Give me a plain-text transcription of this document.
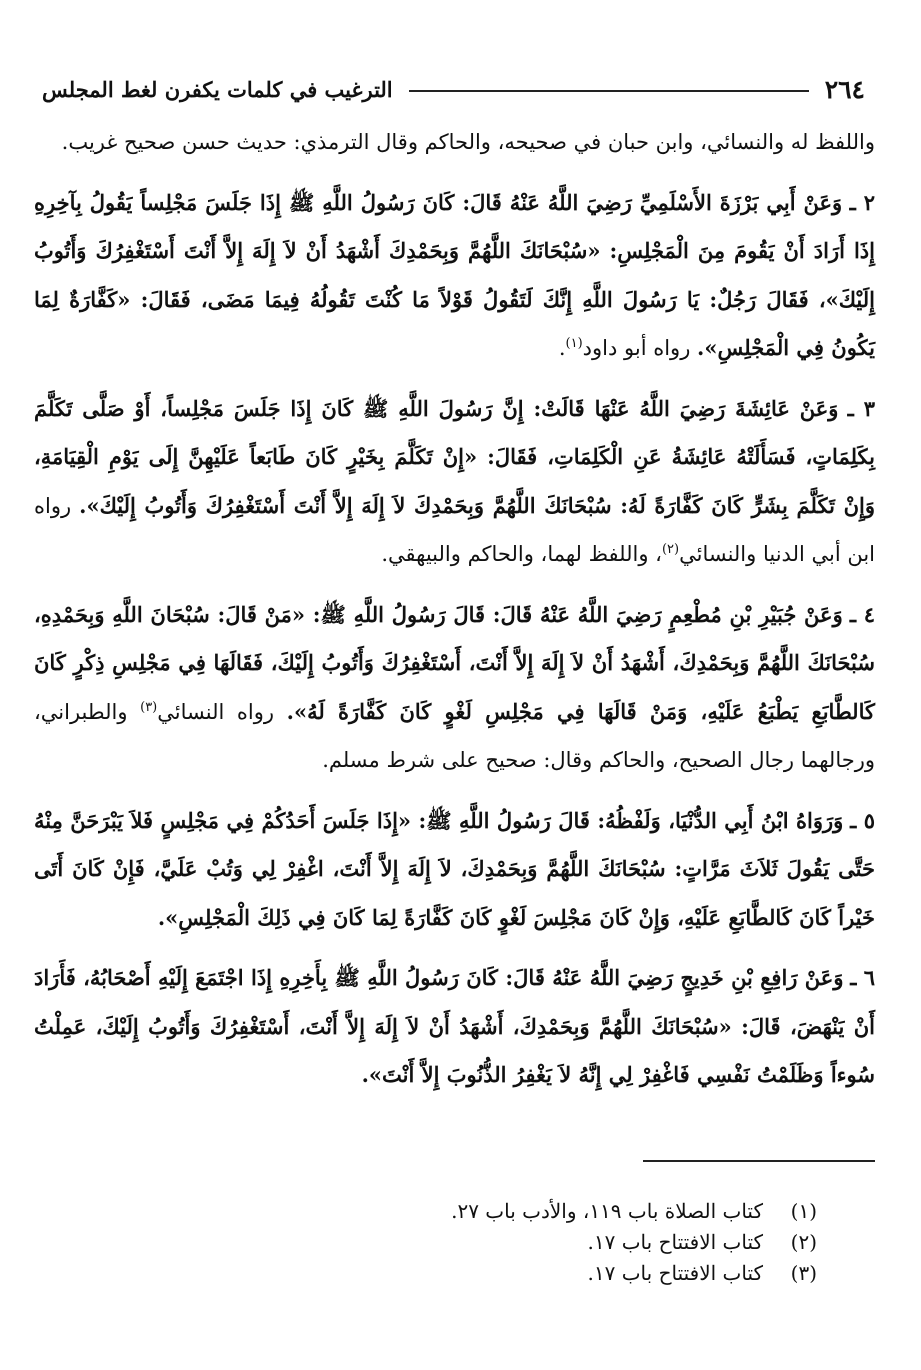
٢٦٤
الترغيب في كلمات يكفرن لغط المجلس

واللفظ له والنسائي، وابن حبان في صحيحه، والحاكم وقال الترمذي: حديث حسن صحيح غريب.

٢ ـ وَعَنْ أَبِي بَرْزَةَ الأَسْلَمِيِّ رَضِيَ اللَّهُ عَنْهُ قَالَ: كَانَ رَسُولُ اللَّهِ ﷺ إِذَا جَلَسَ مَجْلِساً يَقُولُ بِآخِرِهِ إِذَا أَرَادَ أَنْ يَقُومَ مِنَ الْمَجْلِسِ: «سُبْحَانَكَ اللَّهُمَّ وَبِحَمْدِكَ أَشْهَدُ أَنْ لاَ إِلَهَ إِلاَّ أَنْتَ أَسْتَغْفِرُكَ وَأَتُوبُ إِلَيْكَ»، فَقَالَ رَجُلٌ: يَا رَسُولَ اللَّهِ إِنَّكَ لَتَقُولُ قَوْلاً مَا كُنْتَ تَقُولُهُ فِيمَا مَضَى، فَقَالَ: «كَفَّارَةٌ لِمَا يَكُونُ فِي الْمَجْلِسِ». رواه أبو داود$^{(١)}$.

٣ ـ وَعَنْ عَائِشَةَ رَضِيَ اللَّهُ عَنْهَا قَالَتْ: إِنَّ رَسُولَ اللَّهِ ﷺ كَانَ إِذَا جَلَسَ مَجْلِساً، أَوْ صَلَّى تَكَلَّمَ بِكَلِمَاتٍ، فَسَأَلَتْهُ عَائِشَةُ عَنِ الْكَلِمَاتِ، فَقَالَ: «إِنْ تَكَلَّمَ بِخَيْرٍ كَانَ طَابَعاً عَلَيْهِنَّ إِلَى يَوْمِ الْقِيَامَةِ، وَإِنْ تَكَلَّمَ بِشَرٍّ كَانَ كَفَّارَةً لَهُ: سُبْحَانَكَ اللَّهُمَّ وَبِحَمْدِكَ لاَ إِلَهَ إِلاَّ أَنْتَ أَسْتَغْفِرُكَ وَأَتُوبُ إِلَيْكَ». رواه ابن أبي الدنيا والنسائي$^{(٢)}$، واللفظ لهما، والحاكم والبيهقي.

٤ ـ وَعَنْ جُبَيْرِ بْنِ مُطْعِمٍ رَضِيَ اللَّهُ عَنْهُ قَالَ: قَالَ رَسُولُ اللَّهِ ﷺ: «مَنْ قَالَ: سُبْحَانَ اللَّهِ وَبِحَمْدِهِ، سُبْحَانَكَ اللَّهُمَّ وَبِحَمْدِكَ، أَشْهَدُ أَنْ لاَ إِلَهَ إِلاَّ أَنْتَ، أَسْتَغْفِرُكَ وَأَتُوبُ إِلَيْكَ، فَقَالَهَا فِي مَجْلِسِ ذِكْرٍ كَانَ كَالطَّابَعِ يَطْبَعُ عَلَيْهِ، وَمَنْ قَالَهَا فِي مَجْلِسِ لَغْوٍ كَانَ كَفَّارَةً لَهُ». رواه النسائي$^{(٣)}$ والطبراني، ورجالهما رجال الصحيح، والحاكم وقال: صحيح على شرط مسلم.

٥ ـ وَرَوَاهُ ابْنُ أَبِي الدُّنْيَا، وَلَفْظُهُ: قَالَ رَسُولُ اللَّهِ ﷺ: «إِذَا جَلَسَ أَحَدُكُمْ فِي مَجْلِسٍ فَلاَ يَبْرَحَنَّ مِنْهُ حَتَّى يَقُولَ ثَلاَثَ مَرَّاتٍ: سُبْحَانَكَ اللَّهُمَّ وَبِحَمْدِكَ، لاَ إِلَهَ إِلاَّ أَنْتَ، اغْفِرْ لِي وَتُبْ عَلَيَّ، فَإِنْ كَانَ أَتَى خَيْراً كَانَ كَالطَّابَعِ عَلَيْهِ، وَإِنْ كَانَ مَجْلِسَ لَغْوٍ كَانَ كَفَّارَةً لِمَا كَانَ فِي ذَلِكَ الْمَجْلِسِ».

٦ ـ وَعَنْ رَافِعِ بْنِ خَدِيجٍ رَضِيَ اللَّهُ عَنْهُ قَالَ: كَانَ رَسُولُ اللَّهِ ﷺ بِأَخِرِهِ إِذَا اجْتَمَعَ إِلَيْهِ أَصْحَابُهُ، فَأَرَادَ أَنْ يَنْهَضَ، قَالَ: «سُبْحَانَكَ اللَّهُمَّ وَبِحَمْدِكَ، أَشْهَدُ أَنْ لاَ إِلَهَ إِلاَّ أَنْتَ، أَسْتَغْفِرُكَ وَأَتُوبُ إِلَيْكَ، عَمِلْتُ سُوءاً وَظَلَمْتُ نَفْسِي فَاغْفِرْ لِي إِنَّهُ لاَ يَغْفِرُ الذُّنُوبَ إِلاَّ أَنْتَ».

(١)
كتاب الصلاة باب ١١٩، والأدب باب ٢٧.
(٢)
كتاب الافتتاح باب ١٧.
(٣)
كتاب الافتتاح باب ١٧.
